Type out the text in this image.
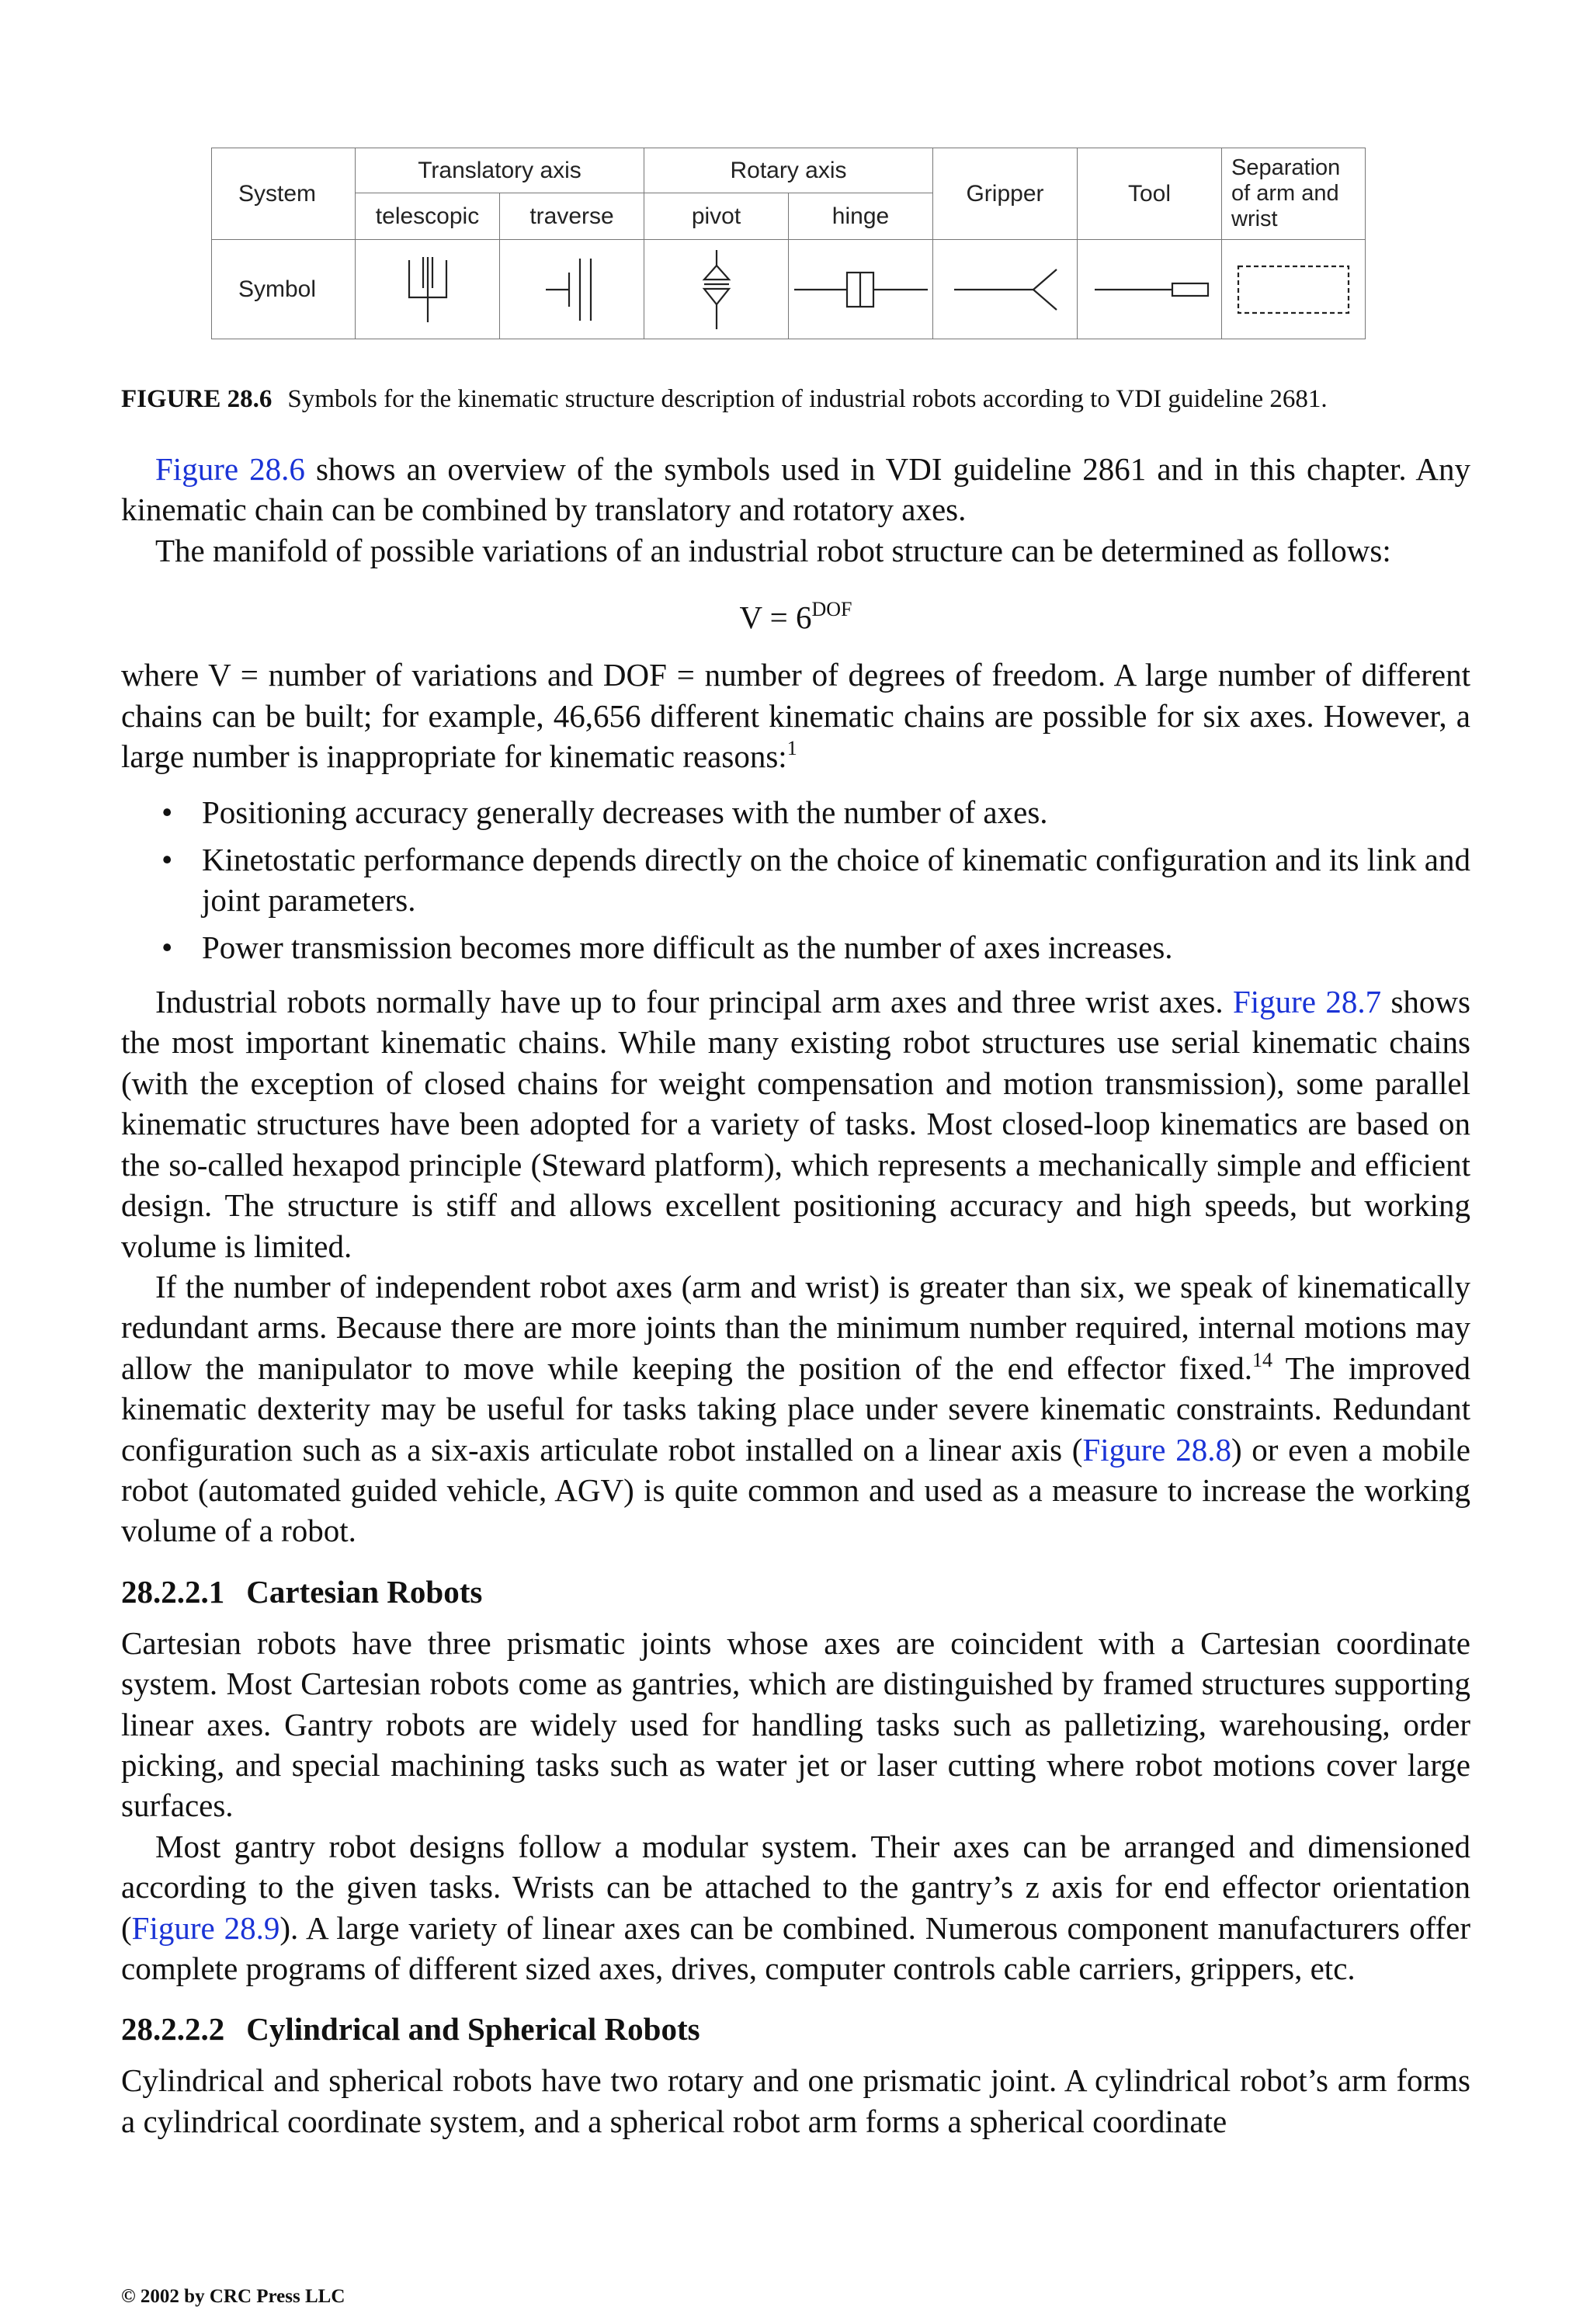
System	Translatory axis		Rotary axis		Gripper	Tool	Separation
of arm and
wrist

	telescopic	traverse	pivot	hinge			
Symbol	

FIGURE 28.6 Symbols for the kinematic structure description of industrial robots according to VDI guideline 2681.

Figure 28.6 shows an overview of the symbols used in VDI guideline 2861 and in this chapter. Any kinematic chain can be combined by translatory and rotatory axes.

The manifold of possible variations of an industrial robot structure can be determined as follows:

$V = 6^{DOF}$

where V = number of variations and DOF = number of degrees of freedom. A large number of different chains can be built; for example, 46,656 different kinematic chains are possible for six axes. However, a large number is inappropriate for kinematic reasons:$^1$

• Positioning accuracy generally decreases with the number of axes.
• Kinetostatic performance depends directly on the choice of kinematic configuration and its link and joint parameters.
• Power transmission becomes more difficult as the number of axes increases.

Industrial robots normally have up to four principal arm axes and three wrist axes. Figure 28.7 shows the most important kinematic chains. While many existing robot structures use serial kinematic chains (with the exception of closed chains for weight compensation and motion transmission), some parallel kinematic structures have been adopted for a variety of tasks. Most closed-loop kinematics are based on the so-called hexapod principle (Steward platform), which represents a mechanically simple and efficient design. The structure is stiff and allows excellent positioning accuracy and high speeds, but working volume is limited.

If the number of independent robot axes (arm and wrist) is greater than six, we speak of kinematically redundant arms. Because there are more joints than the minimum number required, internal motions may allow the manipulator to move while keeping the position of the end effector fixed.$^{14}$ The improved kinematic dexterity may be useful for tasks taking place under severe kinematic constraints. Redundant configuration such as a six-axis articulate robot installed on a linear axis (Figure 28.8) or even a mobile robot (automated guided vehicle, AGV) is quite common and used as a measure to increase the working volume of a robot.

28.2.2.1 Cartesian Robots

Cartesian robots have three prismatic joints whose axes are coincident with a Cartesian coordinate system. Most Cartesian robots come as gantries, which are distinguished by framed structures supporting linear axes. Gantry robots are widely used for handling tasks such as palletizing, warehousing, order picking, and special machining tasks such as water jet or laser cutting where robot motions cover large surfaces.

Most gantry robot designs follow a modular system. Their axes can be arranged and dimensioned according to the given tasks. Wrists can be attached to the gantry’s z axis for end effector orientation (Figure 28.9). A large variety of linear axes can be combined. Numerous component manufacturers offer complete programs of different sized axes, drives, computer controls cable carriers, grippers, etc.

28.2.2.2 Cylindrical and Spherical Robots

Cylindrical and spherical robots have two rotary and one prismatic joint. A cylindrical robot’s arm forms a cylindrical coordinate system, and a spherical robot arm forms a spherical coordinate

© 2002 by CRC Press LLC
